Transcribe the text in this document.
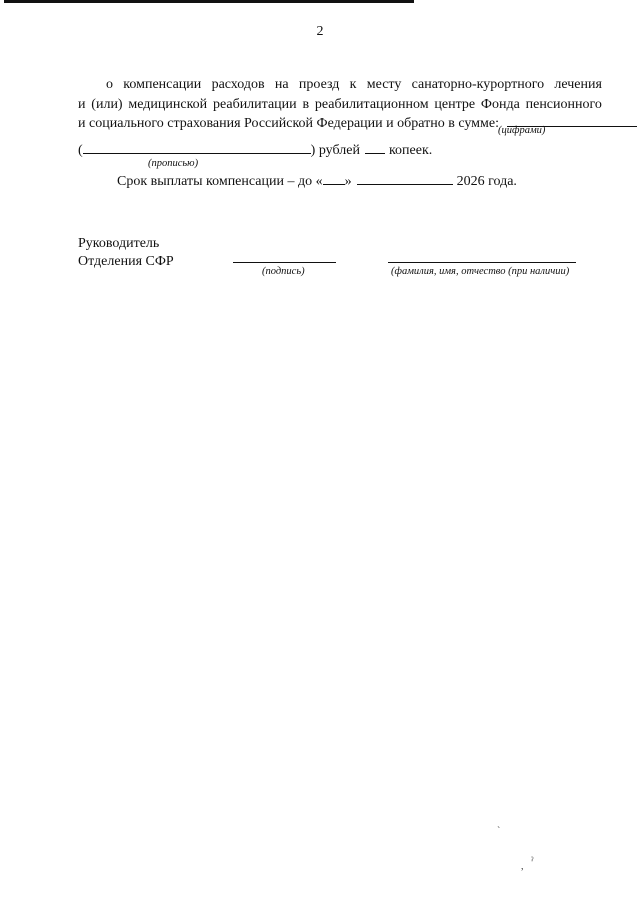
2
о компенсации расходов на проезд к месту санаторно-курортного лечения
и (или) медицинской реабилитации в реабилитационном центре Фонда пенсионного
и социального страхования Российской Федерации и обратно в сумме: (цифрами)
(	) рублей копеек.
(прописью)
Срок выплаты компенсации – до « »	2026 года.
Руководитель
Отделения СФР
(подпись)	(фамилия, имя, отчество (при наличии)
ˋ
, ˀ
